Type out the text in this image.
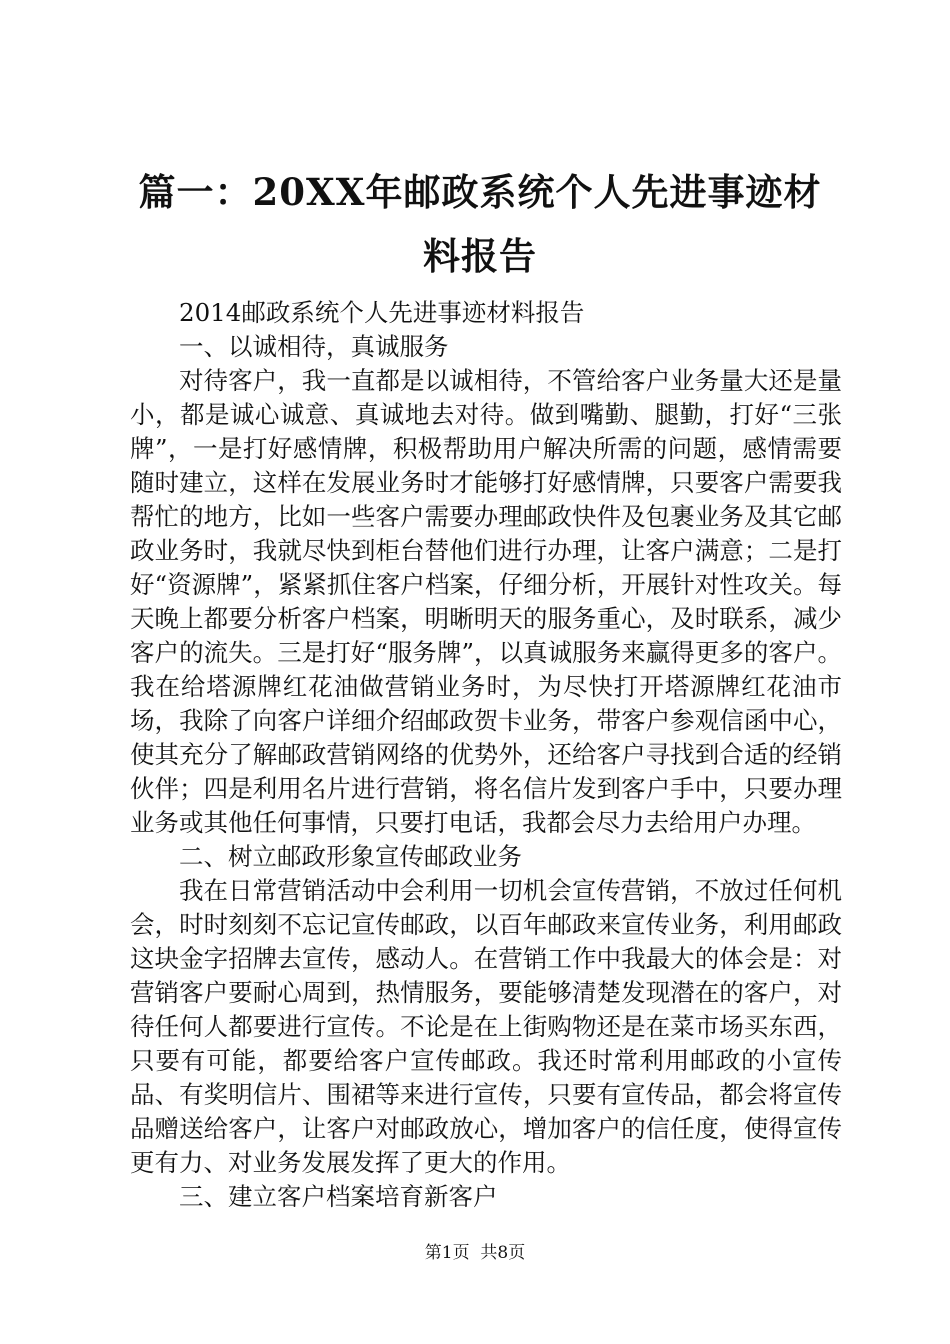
篇一：20XX年邮政系统个人先进事迹材料报告

2014邮政系统个人先进事迹材料报告

一、以诚相待，真诚服务

对待客户，我一直都是以诚相待，不管给客户业务量大还是量小，都是诚心诚意、真诚地去对待。做到嘴勤、腿勤，打好“三张牌”，一是打好感情牌，积极帮助用户解决所需的问题，感情需要随时建立，这样在发展业务时才能够打好感情牌，只要客户需要我帮忙的地方，比如一些客户需要办理邮政快件及包裹业务及其它邮政业务时，我就尽快到柜台替他们进行办理，让客户满意；二是打好“资源牌”，紧紧抓住客户档案，仔细分析，开展针对性攻关。每天晚上都要分析客户档案，明晰明天的服务重心，及时联系，减少客户的流失。三是打好“服务牌”，以真诚服务来赢得更多的客户。我在给塔源牌红花油做营销业务时，为尽快打开塔源牌红花油市场，我除了向客户详细介绍邮政贺卡业务，带客户参观信函中心，使其充分了解邮政营销网络的优势外，还给客户寻找到合适的经销伙伴；四是利用名片进行营销，将名信片发到客户手中，只要办理业务或其他任何事情，只要打电话，我都会尽力去给用户办理。

二、树立邮政形象宣传邮政业务

我在日常营销活动中会利用一切机会宣传营销，不放过任何机会，时时刻刻不忘记宣传邮政，以百年邮政来宣传业务，利用邮政这块金字招牌去宣传，感动人。在营销工作中我最大的体会是：对营销客户要耐心周到，热情服务，要能够清楚发现潜在的客户，对待任何人都要进行宣传。不论是在上街购物还是在菜市场买东西，只要有可能，都要给客户宣传邮政。我还时常利用邮政的小宣传品、有奖明信片、围裙等来进行宣传，只要有宣传品，都会将宣传品赠送给客户，让客户对邮政放心，增加客户的信任度，使得宣传更有力、对业务发展发挥了更大的作用。

三、建立客户档案培育新客户

第1页 共8页
